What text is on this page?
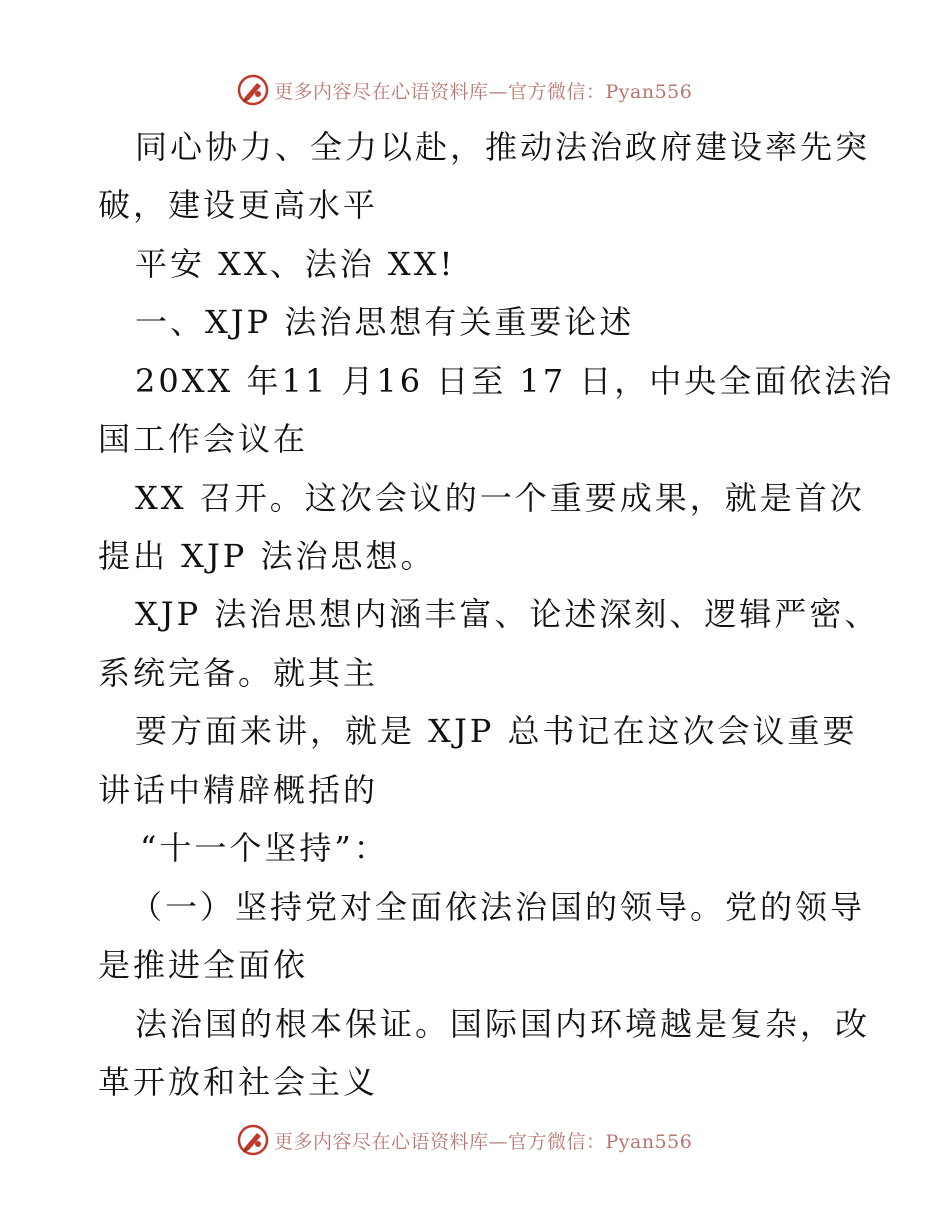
更多内容尽在心语资料库—官方微信：Pyan556
同心协力、全力以赴，推动法治政府建设率先突
破，建设更高水平
平安 XX、法治 XX!
一、XJP 法治思想有关重要论述
20XX 年11 月16 日至 17 日，中央全面依法治
国工作会议在
XX 召开。这次会议的一个重要成果，就是首次
提出 XJP 法治思想。
XJP 法治思想内涵丰富、论述深刻、逻辑严密、
系统完备。就其主
要方面来讲，就是 XJP 总书记在这次会议重要
讲话中精辟概括的
“十一个坚持”：
（一）坚持党对全面依法治国的领导。党的领导
是推进全面依
法治国的根本保证。国际国内环境越是复杂，改
革开放和社会主义
更多内容尽在心语资料库—官方微信：Pyan556
